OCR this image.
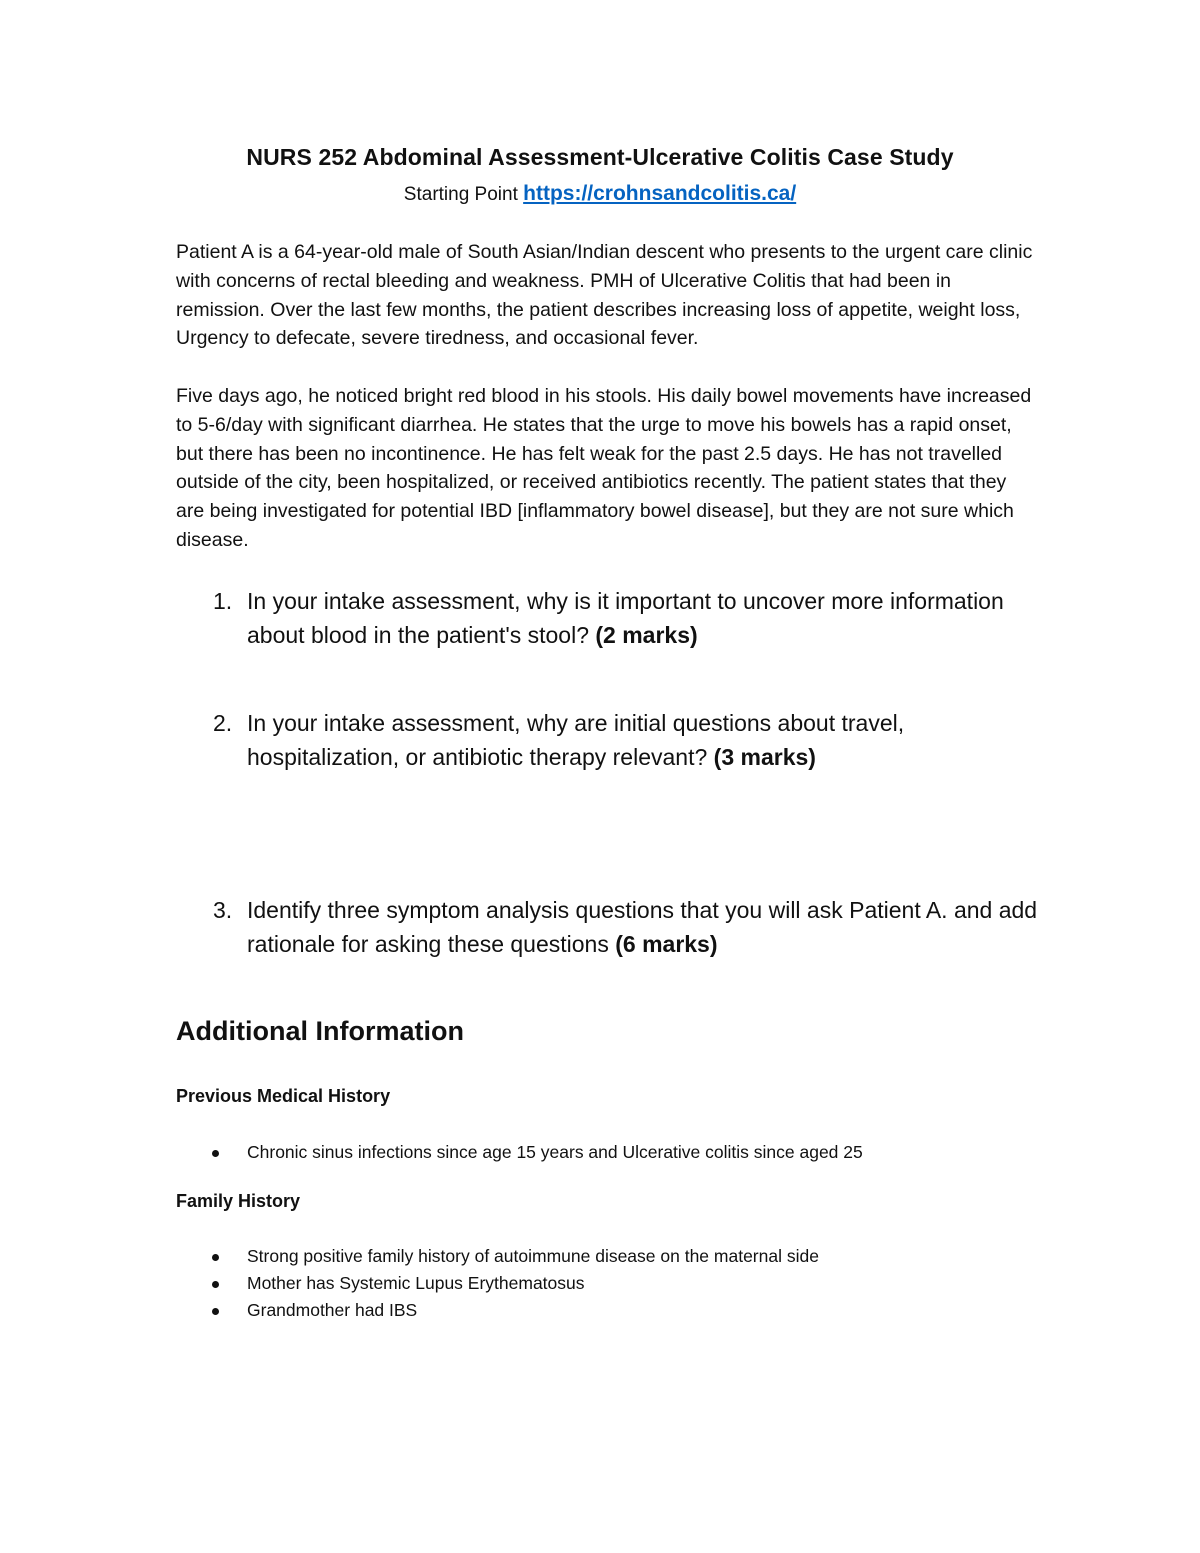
NURS 252 Abdominal Assessment-Ulcerative Colitis Case Study
Starting Point https://crohnsandcolitis.ca/

Patient A is a 64-year-old male of South Asian/Indian descent who presents to the urgent care clinic with concerns of rectal bleeding and weakness. PMH of Ulcerative Colitis that had been in remission. Over the last few months, the patient describes increasing loss of appetite, weight loss, Urgency to defecate, severe tiredness, and occasional fever.

Five days ago, he noticed bright red blood in his stools. His daily bowel movements have increased to 5-6/day with significant diarrhea. He states that the urge to move his bowels has a rapid onset, but there has been no incontinence. He has felt weak for the past 2.5 days. He has not travelled outside of the city, been hospitalized, or received antibiotics recently. The patient states that they are being investigated for potential IBD [inflammatory bowel disease], but they are not sure which disease.

1. In your intake assessment, why is it important to uncover more information about blood in the patient's stool? (2 marks)
2. In your intake assessment, why are initial questions about travel, hospitalization, or antibiotic therapy relevant? (3 marks)
3. Identify three symptom analysis questions that you will ask Patient A. and add rationale for asking these questions (6 marks)
Additional Information
Previous Medical History
Chronic sinus infections since age 15 years and Ulcerative colitis since aged 25
Family History
Strong positive family history of autoimmune disease on the maternal side
Mother has Systemic Lupus Erythematosus
Grandmother had IBS
